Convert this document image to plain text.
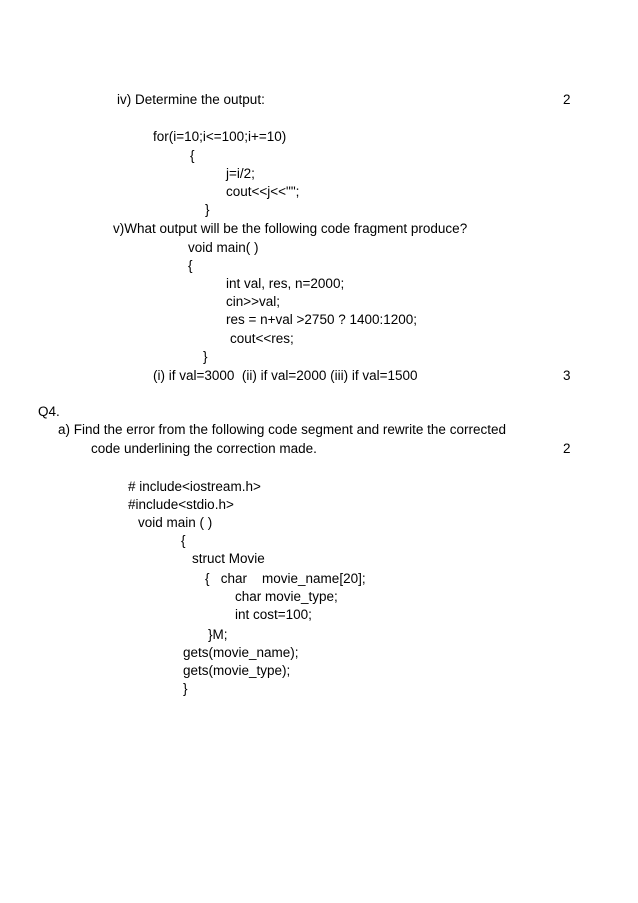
iv) Determine the output:	2
for(i=10;i<=100;i+=10)
{
j=i/2;
cout<<j<<"";
}
v)What output will be the following code fragment produce?
void main( )
{
int val, res, n=2000;
cin>>val;
res = n+val >2750 ? 1400:1200;
cout<<res;
}
(i) if val=3000  (ii) if val=2000 (iii) if val=1500	3
Q4.
a) Find the error from the following code segment and rewrite the corrected
code underlining the correction made.	2
# include<iostream.h>
#include<stdio.h>
void main ( )
{
struct Movie
{   char    movie_name[20];
char movie_type;
int cost=100;
}M;
gets(movie_name);
gets(movie_type);
}
